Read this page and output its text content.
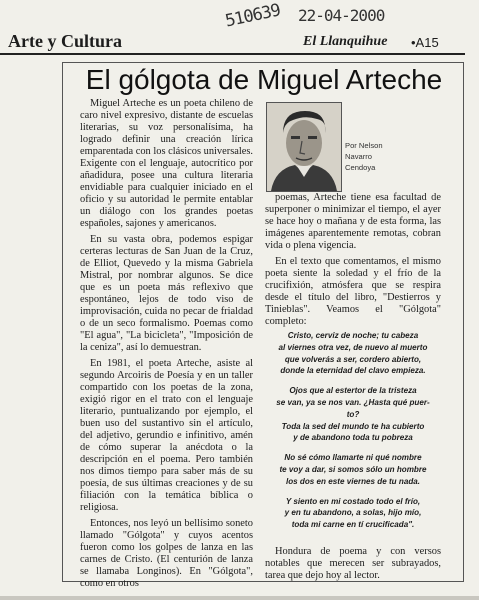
510639 22-04-2000
Arte y Cultura	El Llanquihue •A15
El gólgota de Miguel Arteche

Miguel Arteche es un poeta chileno de caro nivel expresivo, distante de escuelas literarias, su voz personalísima, ha logrado definir una creación lírica emparentada con los clásicos universales. Exigente con el lenguaje, autocrítico por añadidura, posee una cultura literaria envidiable para cualquier iniciado en el oficio y su autoridad le permite entablar un diálogo con los grandes poetas españoles, sajones y americanos.

En su vasta obra, podemos espigar certeras lecturas de San Juan de la Cruz, de Elliot, Quevedo y la misma Gabriela Mistral, por nombrar algunos. Se dice que es un poeta más reflexivo que espontáneo, lejos de todo viso de improvisación, cuida no pecar de frialdad o de un seco formalismo. Poemas como "El agua", "La bicicleta", "Imposición de la ceniza", así lo demuestran.

En 1981, el poeta Arteche, asiste al segundo Arcoiris de Poesía y en un taller compartido con los poetas de la zona, exigió rigor en el trato con el lenguaje literario, puntualizando por ejemplo, el buen uso del sustantivo sin el artículo, del adjetivo, gerundio e infinitivo, amén de cómo superar la anécdota o la descripción en el poema. Pero también nos dimos tiempo para saber más de su poesía, de sus últimas creaciones y de su filiación con la temática bíblica o religiosa.

Entonces, nos leyó un bellísimo soneto llamado "Gólgota" y cuyos acentos fueron como los golpes de lanza en las carnes de Cristo. (El centurión de lanza se llamaba Longinos). En "Gólgota", como en otros

Por Nelson
Navarro
Cendoya

poemas, Arteche tiene esa facultad de superponer o minimizar el tiempo, el ayer se hace hoy o mañana y de esta forma, las imágenes aparentemente remotas, cobran vida o plena vigencia.

En el texto que comentamos, el mismo poeta siente la soledad y el frío de la crucifixión, atmósfera que se respira desde el título del libro, "Destierros y Tinieblas". Veamos el "Gólgota" completo:

Cristo, cerviz de noche; tu cabeza
al viernes otra vez, de nuevo al muerto
que volverás a ser, cordero abierto,
donde la eternidad del clavo empieza.
Ojos que al estertor de la tristeza
se van, ya se nos van. ¿Hasta qué puer-
to?
Toda la sed del mundo te ha cubierto
y de abandono toda tu pobreza
No sé cómo llamarte ni qué nombre
te voy a dar, si somos sólo un hombre
los dos en este viernes de tu nada.
Y siento en mi costado todo el frío,
y en tu abandono, a solas, hijo mío,
toda mi carne en tí crucificada".

Hondura de poema y con versos notables que merecen ser subrayados, tarea que dejo hoy al lector.
